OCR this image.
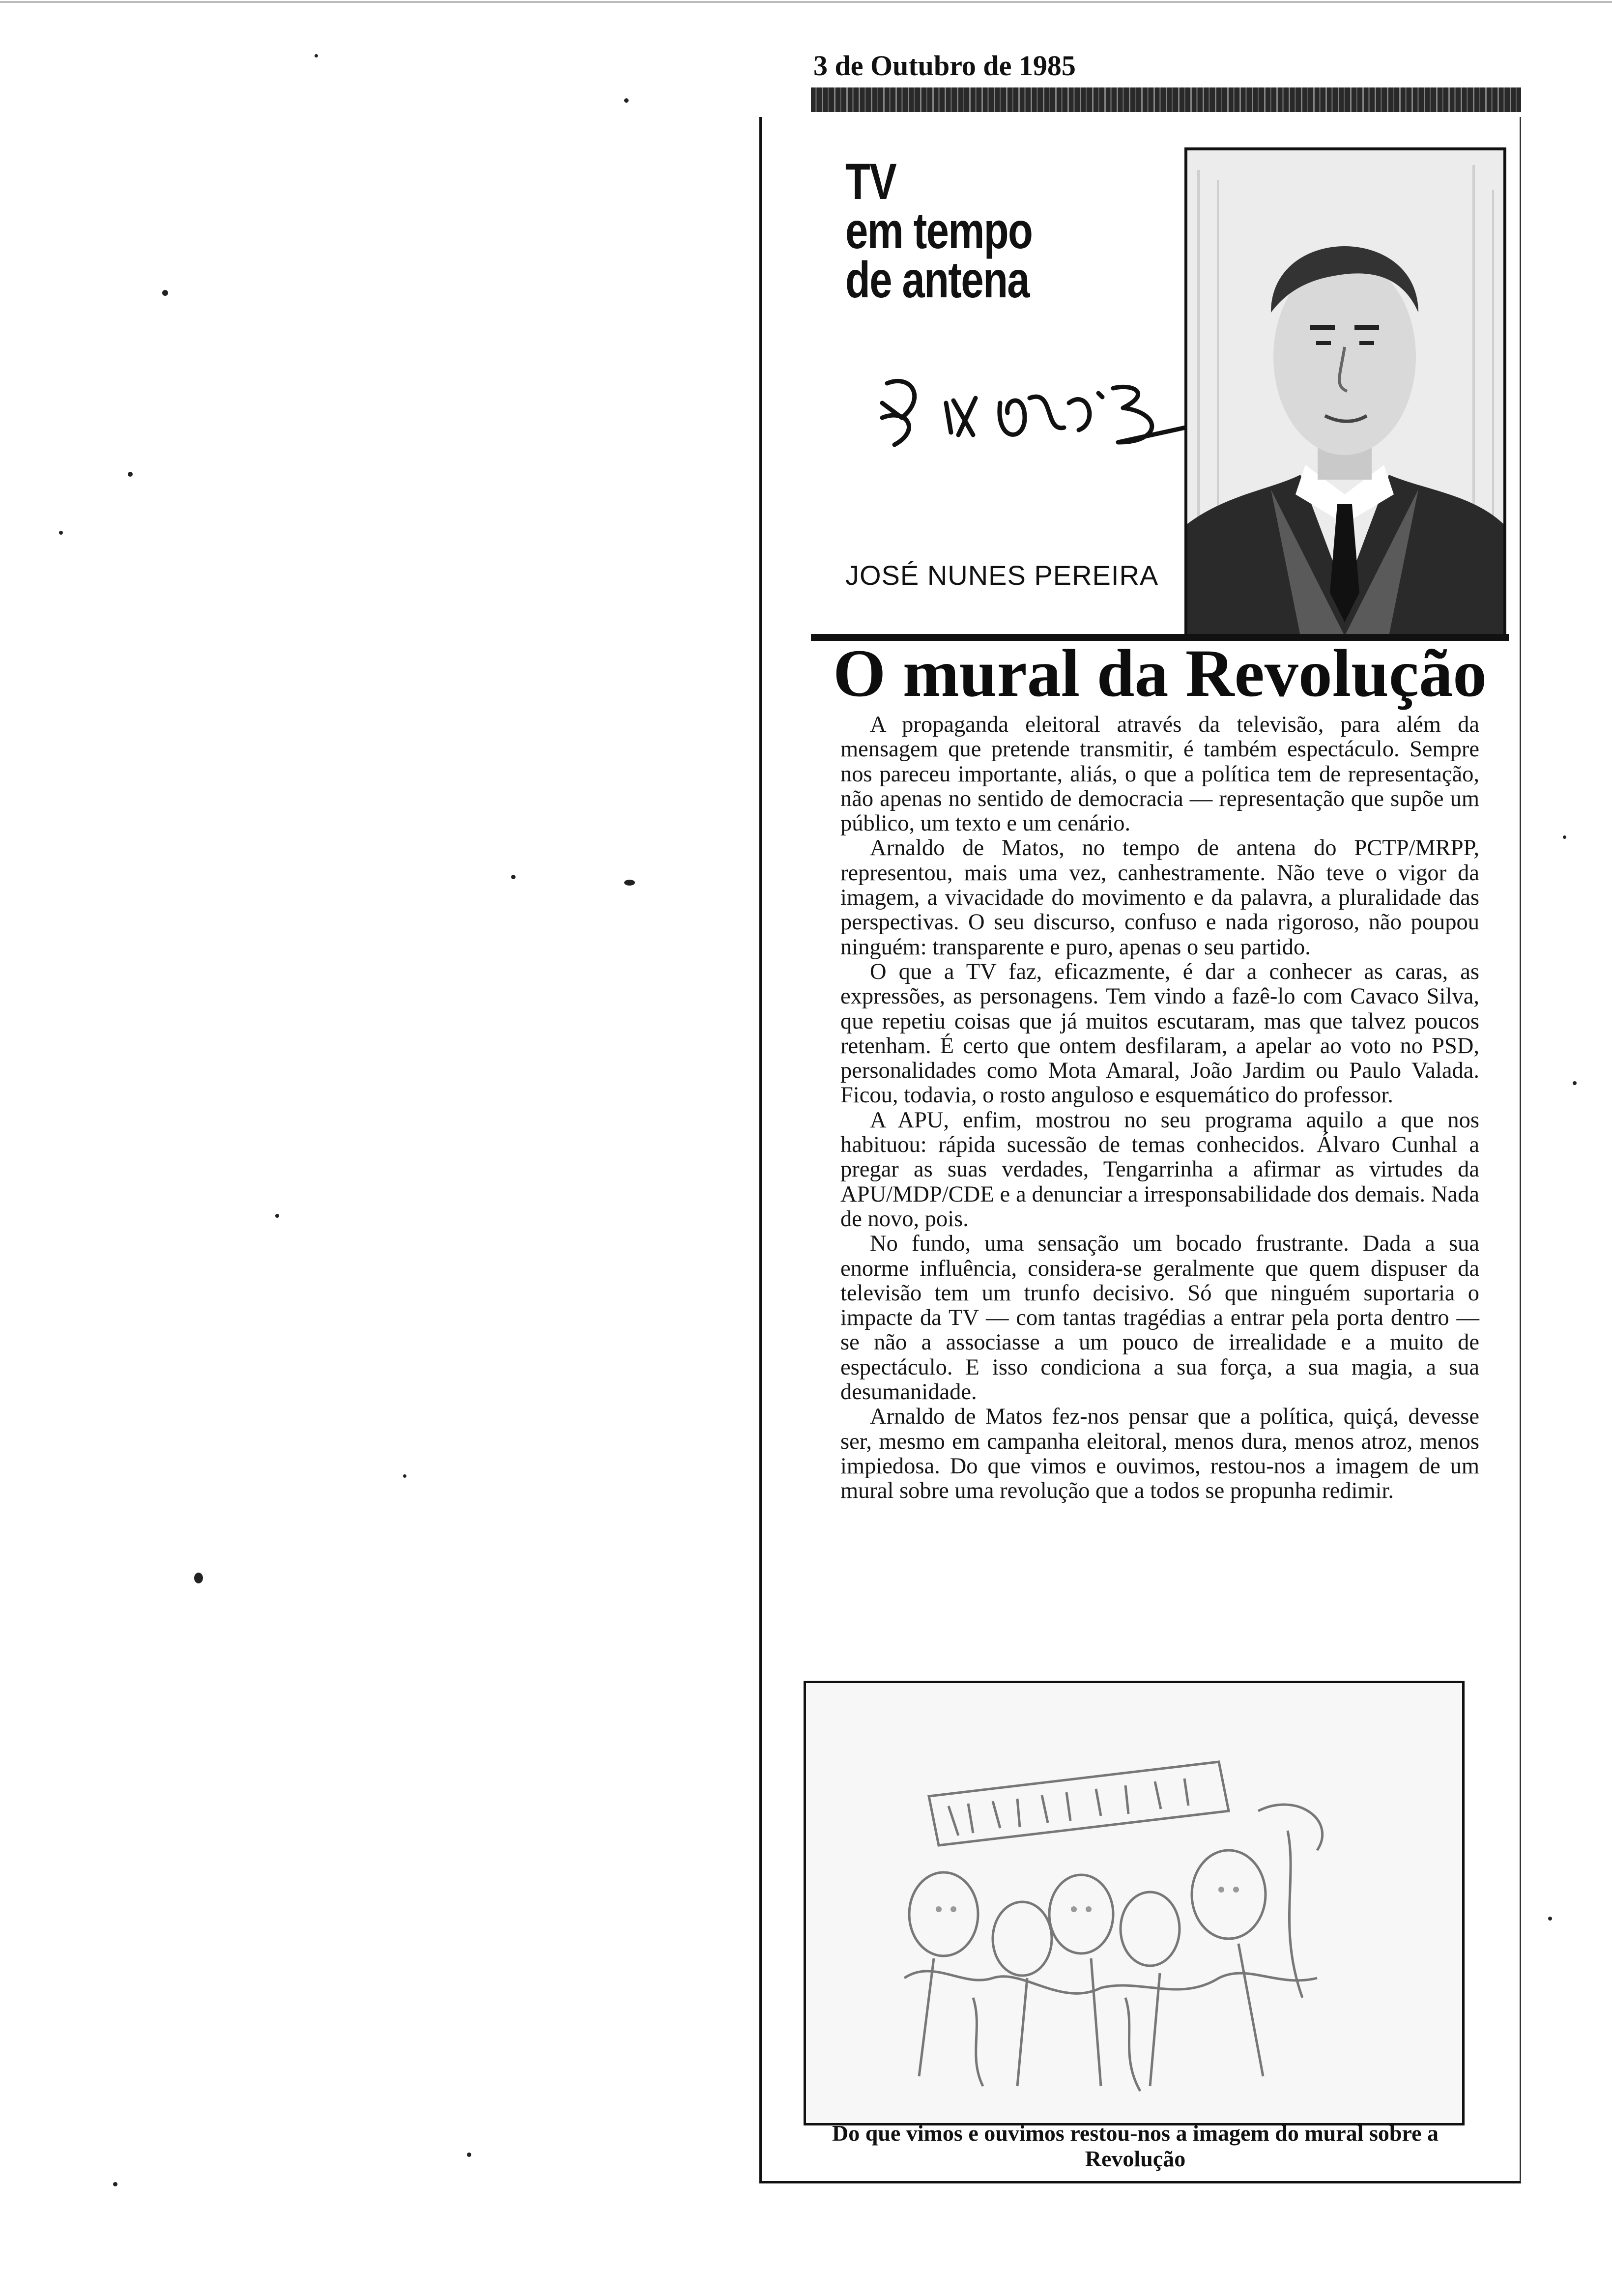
3 de Outubro de 1985
TV
em tempo
de antena
JOSÉ NUNES PEREIRA
O mural da Revolução

A propaganda eleitoral através da televisão, para além da mensagem que pretende transmitir, é também espectáculo. Sempre nos pareceu importante, aliás, o que a política tem de representação, não apenas no sentido de democracia — representação que supõe um público, um texto e um cenário.

Arnaldo de Matos, no tempo de antena do PCTP/MRPP, representou, mais uma vez, canhestramente. Não teve o vigor da imagem, a vivacidade do movimento e da palavra, a pluralidade das perspectivas. O seu discurso, confuso e nada rigoroso, não poupou ninguém: transparente e puro, apenas o seu partido.

O que a TV faz, eficazmente, é dar a conhecer as caras, as expressões, as personagens. Tem vindo a fazê-lo com Cavaco Silva, que repetiu coisas que já muitos escutaram, mas que talvez poucos retenham. É certo que ontem desfilaram, a apelar ao voto no PSD, personalidades como Mota Amaral, João Jardim ou Paulo Valada. Ficou, todavia, o rosto anguloso e esquemático do professor.

A APU, enfim, mostrou no seu programa aquilo a que nos habituou: rápida sucessão de temas conhecidos. Álvaro Cunhal a pregar as suas verdades, Tengarrinha a afirmar as virtudes da APU/MDP/CDE e a denunciar a irresponsabilidade dos demais. Nada de novo, pois.

No fundo, uma sensação um bocado frustrante. Dada a sua enorme influência, considera-se geralmente que quem dispuser da televisão tem um trunfo decisivo. Só que ninguém suportaria o impacte da TV — com tantas tragédias a entrar pela porta dentro — se não a associasse a um pouco de irrealidade e a muito de espectáculo. E isso condiciona a sua força, a sua magia, a sua desumanidade.

Arnaldo de Matos fez-nos pensar que a política, quiçá, devesse ser, mesmo em campanha eleitoral, menos dura, menos atroz, menos impiedosa. Do que vimos e ouvimos, restou-nos a imagem de um mural sobre uma revolução que a todos se propunha redimir.

Do que vimos e ouvimos restou-nos a imagem do mural sobre a Revolução
